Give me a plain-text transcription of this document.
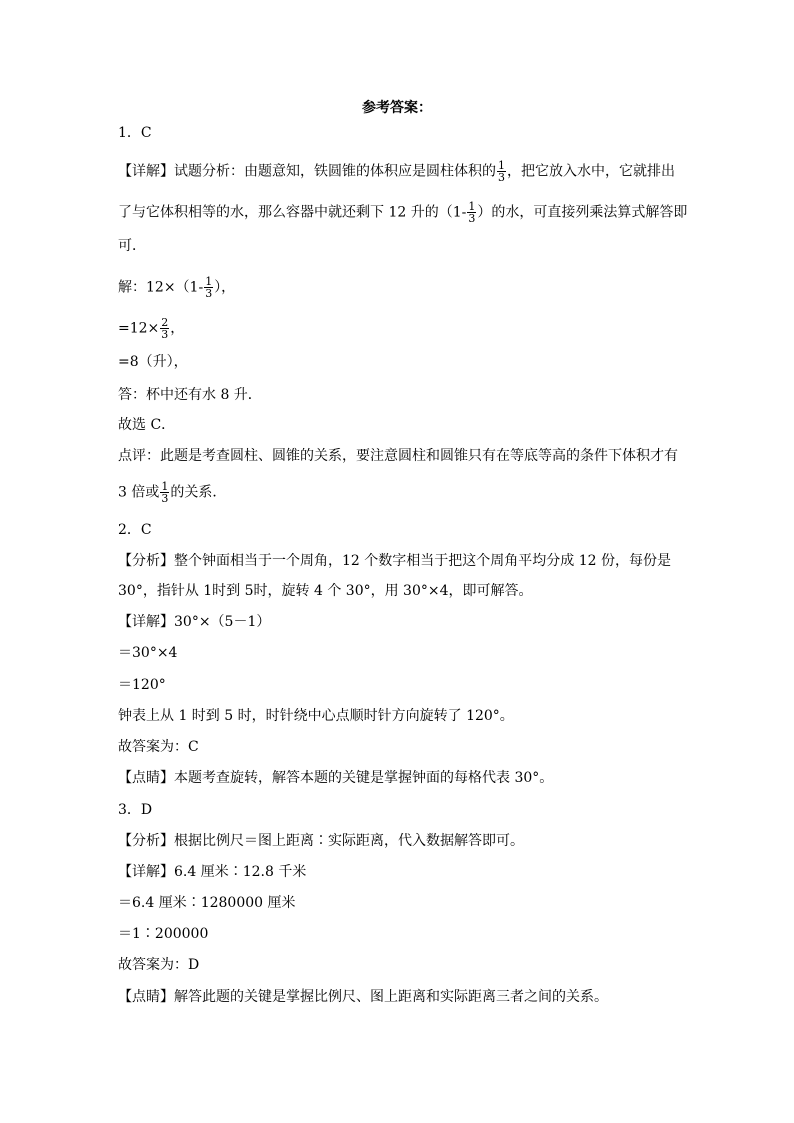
参考答案：
1．C
【详解】试题分析：由题意知，铁圆锥的体积应是圆柱体积的 $\frac{1}{3}$ ，把它放入水中，它就排出
了与它体积相等的水，那么容器中就还剩下 12 升的（$1- \frac{1}{3}$ ）的水，可直接列乘法算式解答即
可．
解：$12\times(1- \frac{1}{3}$ ），
$=12\times \frac{2}{3}$ ，
=8（升），
答：杯中还有水 8 升．
故选 C．
点评：此题是考查圆柱、圆锥的关系，要注意圆柱和圆锥只有在等底等高的条件下体积才有
3 倍或 $\frac{1}{3}$ 的关系．
2．C
【分析】整个钟面相当于一个周角，12 个数字相当于把这个周角平均分成 12 份，每份是
30°，指针从 1时到 5时，旋转 4 个 30°，用 30°×4，即可解答。
【详解】30°×（5－1）
＝30°×4
＝120°
钟表上从 1 时到 5 时，时针绕中心点顺时针方向旋转了 120°。
故答案为：C
【点睛】本题考查旋转，解答本题的关键是掌握钟面的每格代表 30°。
3．D
【分析】根据比例尺＝图上距离∶实际距离，代入数据解答即可。
【详解】6.4 厘米∶12.8 千米
＝6.4 厘米∶1280000 厘米
＝1∶200000
故答案为：D
【点睛】解答此题的关键是掌握比例尺、图上距离和实际距离三者之间的关系。
